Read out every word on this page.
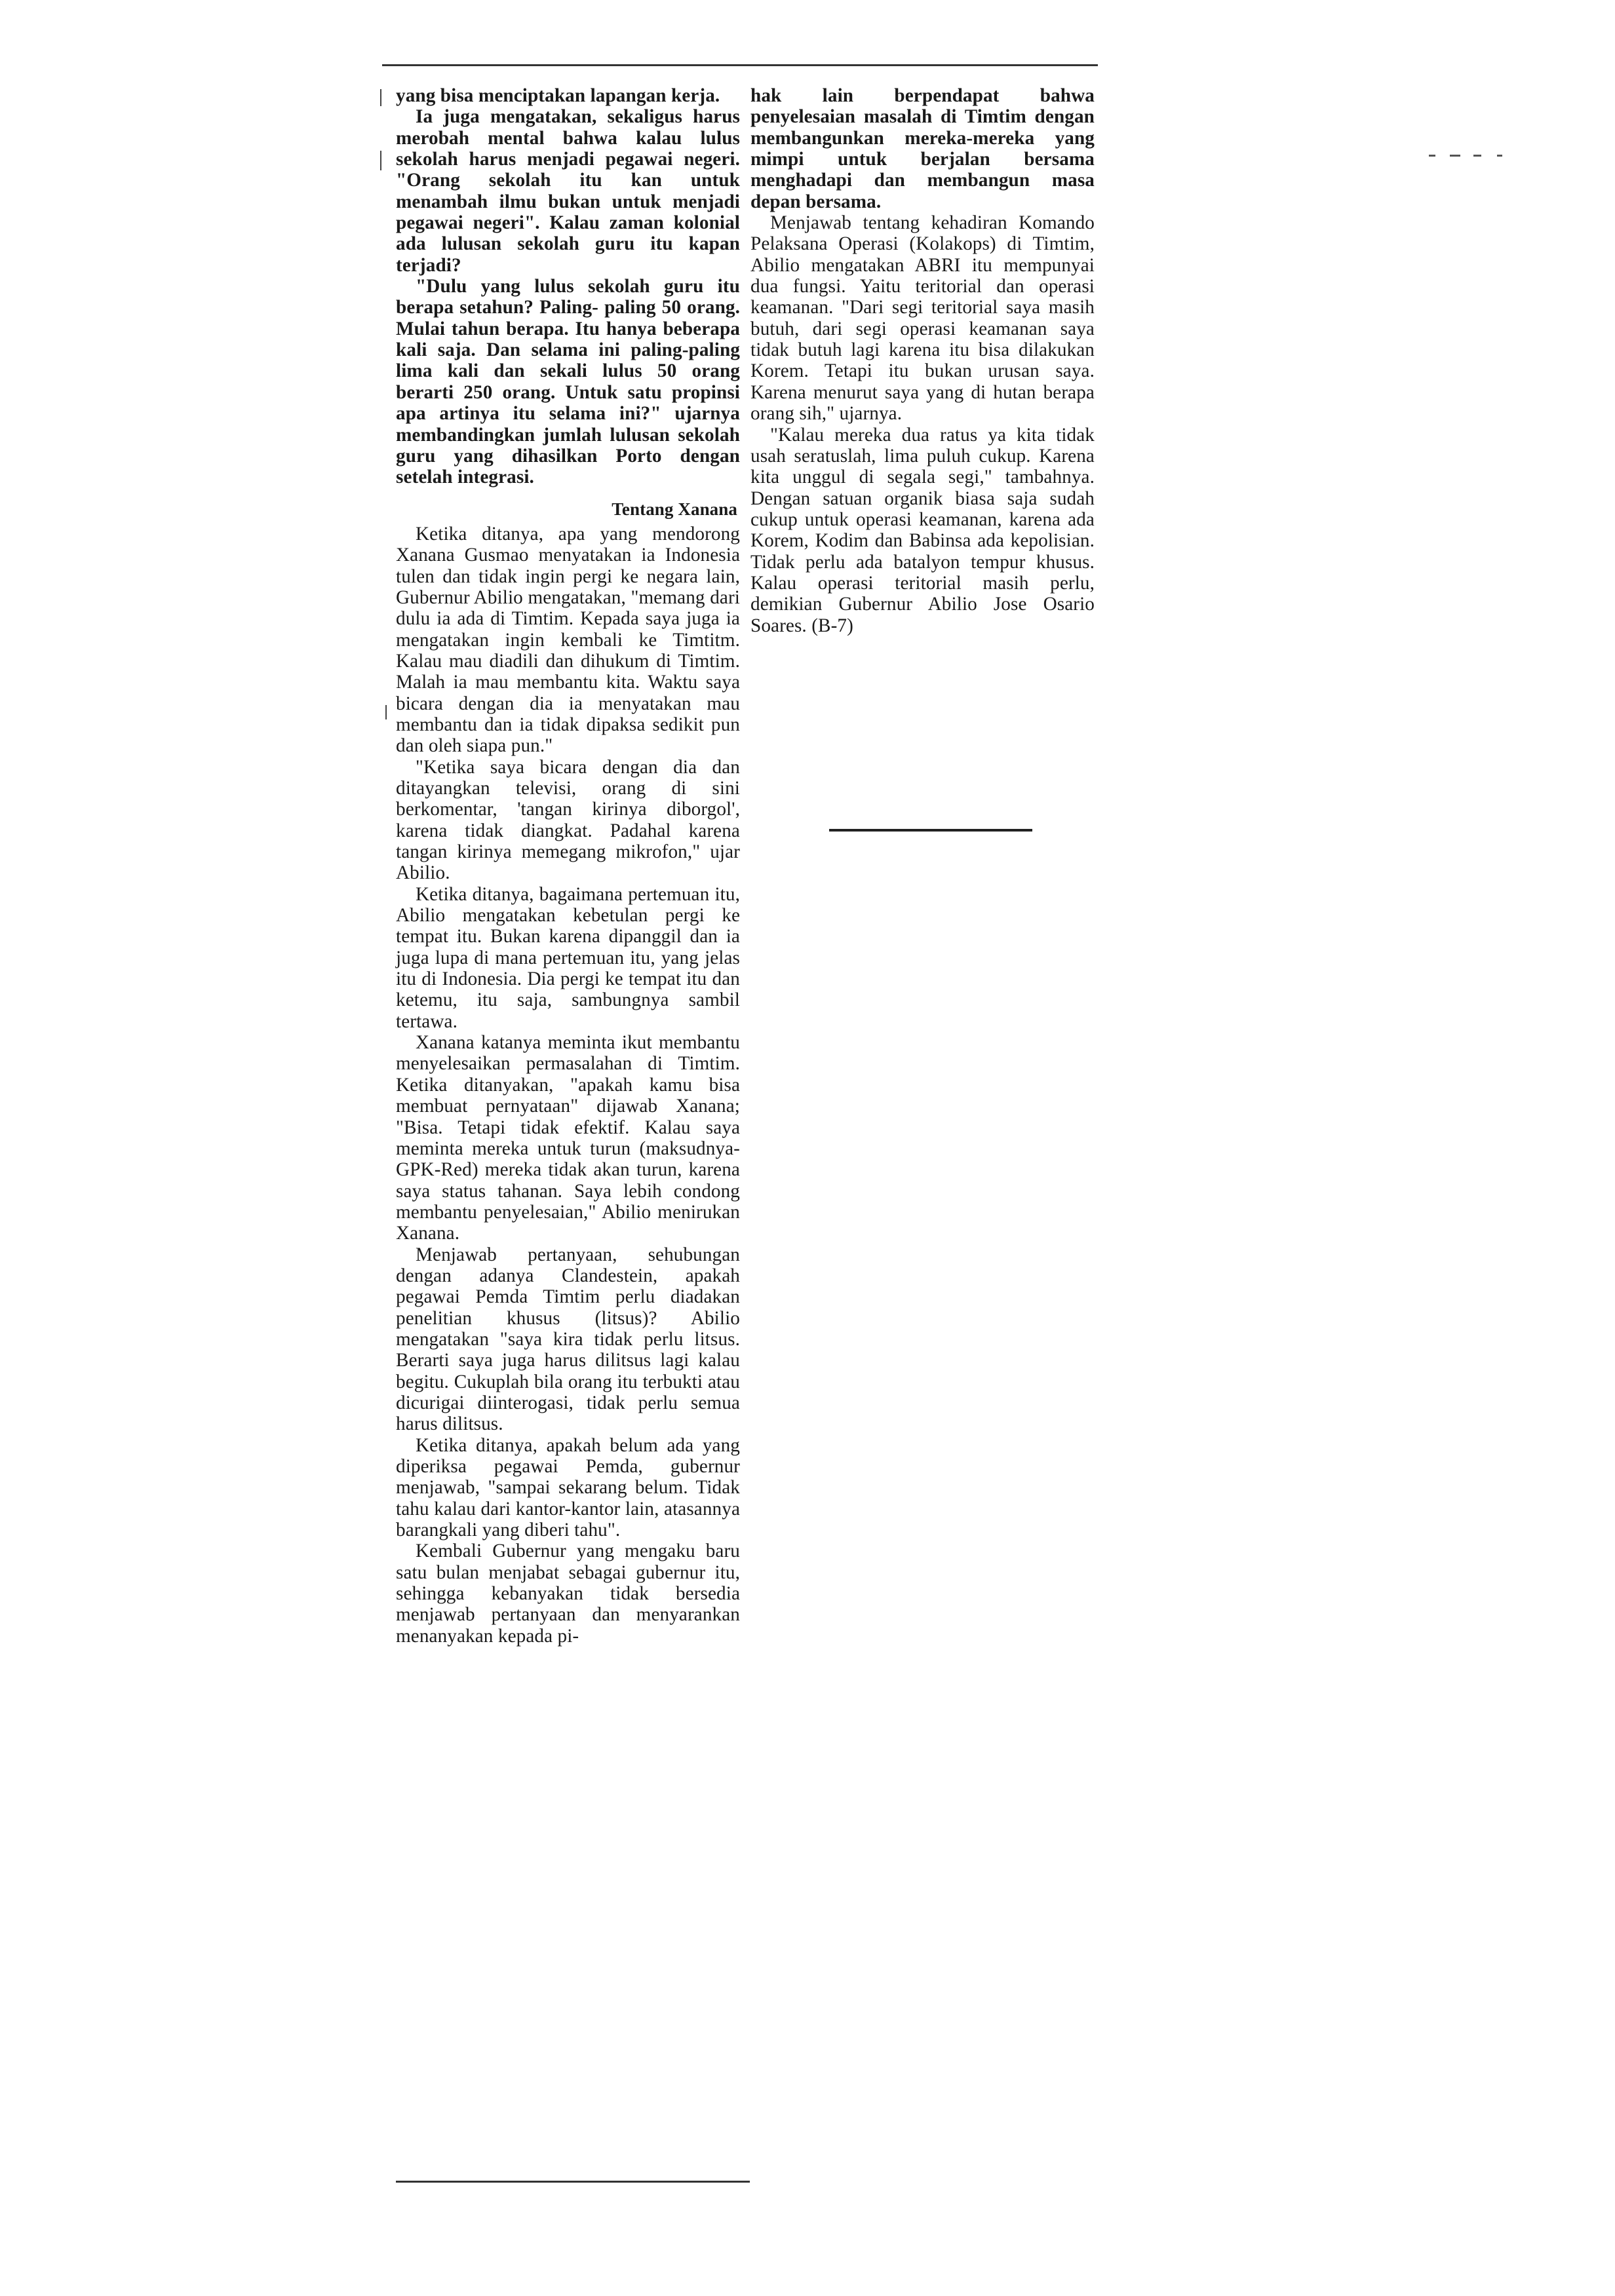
yang bisa menciptakan lapangan kerja.

Ia juga mengatakan, sekaligus harus merobah mental bahwa kalau lulus sekolah harus menjadi pegawai negeri. "Orang sekolah itu kan untuk menambah ilmu bukan untuk menjadi pegawai negeri". Kalau zaman kolonial ada lulusan sekolah guru itu kapan terjadi?

"Dulu yang lulus sekolah guru itu berapa setahun? Paling- paling 50 orang. Mulai tahun berapa. Itu hanya beberapa kali saja. Dan selama ini paling-paling lima kali dan sekali lulus 50 orang berarti 250 orang. Untuk satu propinsi apa artinya itu selama ini?" ujarnya membandingkan jumlah lulusan sekolah guru yang dihasilkan Porto dengan setelah integrasi.

Tentang Xanana

Ketika ditanya, apa yang mendorong Xanana Gusmao menyatakan ia Indonesia tulen dan tidak ingin pergi ke negara lain, Gubernur Abilio mengatakan, "memang dari dulu ia ada di Timtim. Kepada saya juga ia mengatakan ingin kembali ke Timtitm. Kalau mau diadili dan dihukum di Timtim. Malah ia mau membantu kita. Waktu saya bicara dengan dia ia menyatakan mau membantu dan ia tidak dipaksa sedikit pun dan oleh siapa pun."

"Ketika saya bicara dengan dia dan ditayangkan televisi, orang di sini berkomentar, 'tangan kirinya diborgol', karena tidak diangkat. Padahal karena tangan kirinya memegang mikrofon," ujar Abilio.

Ketika ditanya, bagaimana pertemuan itu, Abilio mengatakan kebetulan pergi ke tempat itu. Bukan karena dipanggil dan ia juga lupa di mana pertemuan itu, yang jelas itu di Indonesia. Dia pergi ke tempat itu dan ketemu, itu saja, sambungnya sambil tertawa.

Xanana katanya meminta ikut membantu menyelesaikan permasalahan di Timtim. Ketika ditanyakan, "apakah kamu bisa membuat pernyataan" dijawab Xanana; "Bisa. Tetapi tidak efektif. Kalau saya meminta mereka untuk turun (maksudnya-GPK-Red) mereka tidak akan turun, karena saya status tahanan. Saya lebih condong membantu penyelesaian," Abilio menirukan Xanana.

Menjawab pertanyaan, sehubungan dengan adanya Clandestein, apakah pegawai Pemda Timtim perlu diadakan penelitian khusus (litsus)? Abilio mengatakan "saya kira tidak perlu litsus. Berarti saya juga harus dilitsus lagi kalau begitu. Cukuplah bila orang itu terbukti atau dicurigai diinterogasi, tidak perlu semua harus dilitsus.

Ketika ditanya, apakah belum ada yang diperiksa pegawai Pemda, gubernur menjawab, "sampai sekarang belum. Tidak tahu kalau dari kantor-kantor lain, atasannya barangkali yang diberi tahu".

Kembali Gubernur yang mengaku baru satu bulan menjabat sebagai gubernur itu, sehingga kebanyakan tidak bersedia menjawab pertanyaan dan menyarankan menanyakan kepada pi-

hak lain berpendapat bahwa penyelesaian masalah di Timtim dengan membangunkan mereka-mereka yang mimpi untuk berjalan bersama menghadapi dan membangun masa depan bersama.

Menjawab tentang kehadiran Komando Pelaksana Operasi (Kolakops) di Timtim, Abilio mengatakan ABRI itu mempunyai dua fungsi. Yaitu teritorial dan operasi keamanan. "Dari segi teritorial saya masih butuh, dari segi operasi keamanan saya tidak butuh lagi karena itu bisa dilakukan Korem. Tetapi itu bukan urusan saya. Karena menurut saya yang di hutan berapa orang sih," ujarnya.

"Kalau mereka dua ratus ya kita tidak usah seratuslah, lima puluh cukup. Karena kita unggul di segala segi," tambahnya. Dengan satuan organik biasa saja sudah cukup untuk operasi keamanan, karena ada Korem, Kodim dan Babinsa ada kepolisian. Tidak perlu ada batalyon tempur khusus. Kalau operasi teritorial masih perlu, demikian Gubernur Abilio Jose Osario Soares. (B-7)
